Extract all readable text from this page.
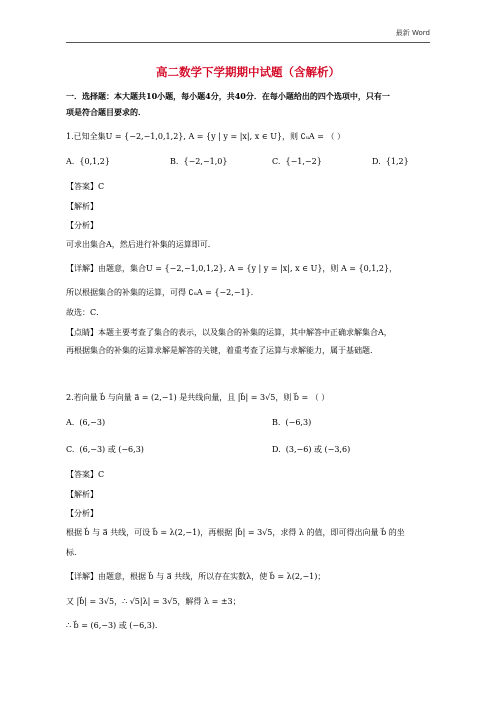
最新 Word
高二数学下学期期中试题（含解析）
一．选择题：本大题共10小题，每小题4分，共40分．在每小题给出的四个选项中，只有一
项是符合题目要求的．
1.已知全集U = {−2,−1,0,1,2}, A = {y | y = |x|, x ∈ U}，则 ∁ᵤA = （ ）
A. {0,1,2}	B. {−2,−1,0}	C. {−1,−2}	D. {1,2}
【答案】C
【解析】
【分析】
可求出集合A，然后进行补集的运算即可.
【详解】由题意，集合U = {−2,−1,0,1,2}, A = {y | y = |x|, x ∈ U}，则 A = {0,1,2}，
所以根据集合的补集的运算，可得 ∁ᵤA = {−2,−1}．
故选：C．
【点睛】本题主要考查了集合的表示，以及集合的补集的运算，其中解答中正确求解集合A，
再根据集合的补集的运算求解是解答的关键，着重考查了运算与求解能力，属于基础题.
2.若向量 b⃗ 与向量 a⃗ = (2,−1) 是共线向量，且 |b⃗| = 3√5，则 b⃗ = （ ）
A. (6,−3)	B. (−6,3)
C. (6,−3) 或 (−6,3)	D. (3,−6) 或 (−3,6)
【答案】C
【解析】
【分析】
根据 b⃗ 与 a⃗ 共线，可设 b⃗ = λ(2,−1)，再根据 |b⃗| = 3√5，求得 λ 的值，即可得出向量 b⃗ 的坐
标.
【详解】由题意，根据 b⃗ 与 a⃗ 共线，所以存在实数λ，使 b⃗ = λ(2,−1)；
又 |b⃗| = 3√5，∴ √5|λ| = 3√5，解得 λ = ±3；
∴ b⃗ = (6,−3) 或 (−6,3).
